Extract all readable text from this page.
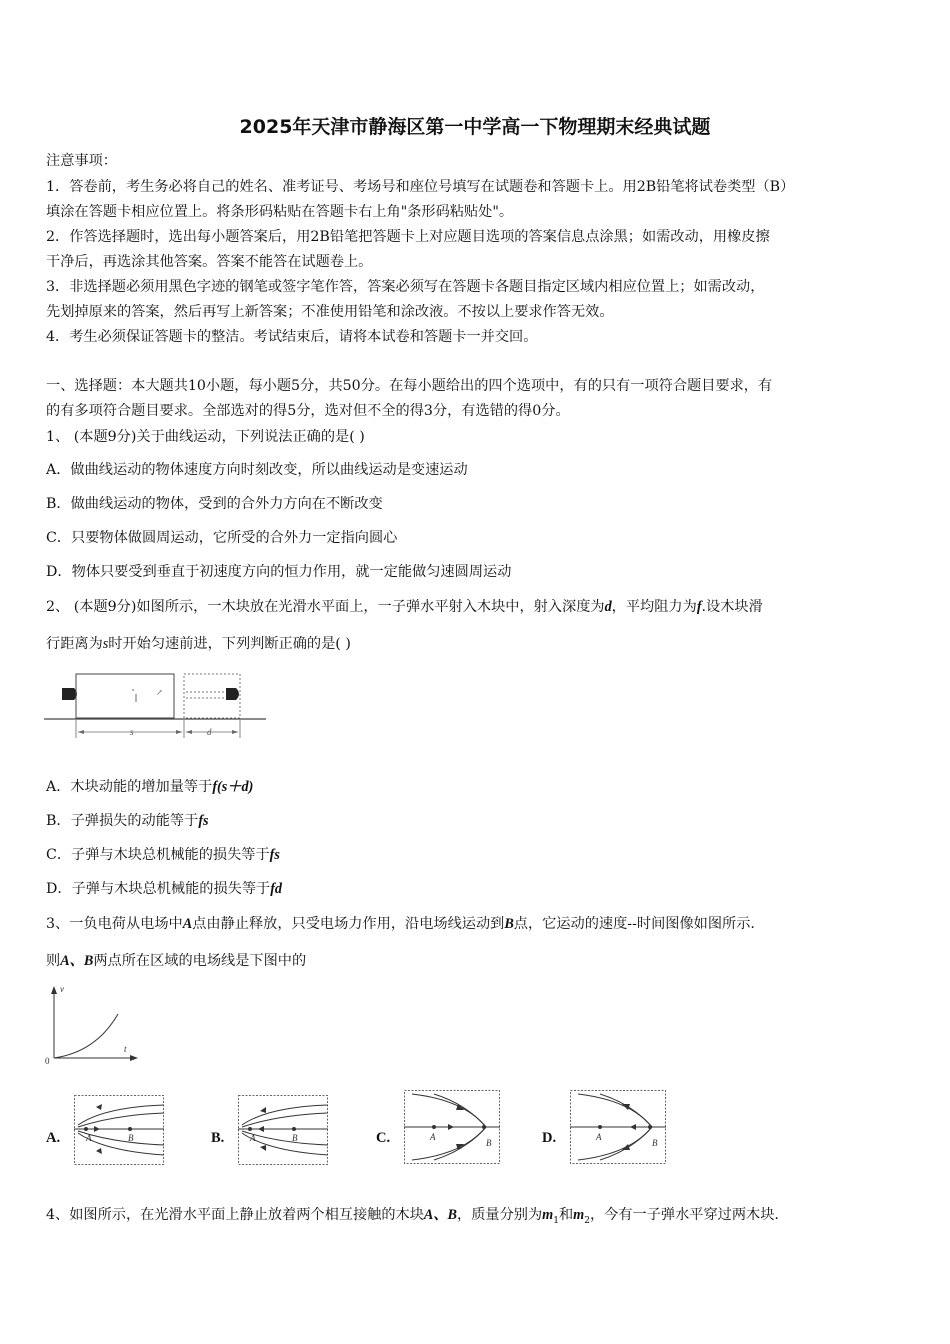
2025年天津市静海区第一中学高一下物理期末经典试题
注意事项：
1．答卷前，考生务必将自己的姓名、准考证号、考场号和座位号填写在试题卷和答题卡上。用2B铅笔将试卷类型（B）
填涂在答题卡相应位置上。将条形码粘贴在答题卡右上角"条形码粘贴处"。
2．作答选择题时，选出每小题答案后，用2B铅笔把答题卡上对应题目选项的答案信息点涂黑；如需改动，用橡皮擦
干净后，再选涂其他答案。答案不能答在试题卷上。
3．非选择题必须用黑色字迹的钢笔或签字笔作答，答案必须写在答题卡各题目指定区域内相应位置上；如需改动，
先划掉原来的答案，然后再写上新答案；不准使用铅笔和涂改液。不按以上要求作答无效。
4．考生必须保证答题卡的整洁。考试结束后，请将本试卷和答题卡一并交回。
一、选择题：本大题共10小题，每小题5分，共50分。在每小题给出的四个选项中，有的只有一项符合题目要求，有
的有多项符合题目要求。全部选对的得5分，选对但不全的得3分，有选错的得0分。
1、 (本题9分)关于曲线运动，下列说法正确的是( )
A．做曲线运动的物体速度方向时刻改变，所以曲线运动是变速运动
B．做曲线运动的物体，受到的合外力方向在不断改变
C．只要物体做圆周运动，它所受的合外力一定指向圆心
D．物体只要受到垂直于初速度方向的恒力作用，就一定能做匀速圆周运动
2、 (本题9分)如图所示，一木块放在光滑水平面上，一子弹水平射入木块中，射入深度为d，平均阻力为f.设木块滑
行距离为s时开始匀速前进，下列判断正确的是( )
↗
s	d
A．木块动能的增加量等于f(s＋d)
B．子弹损失的动能等于fs
C．子弹与木块总机械能的损失等于fs
D．子弹与木块总机械能的损失等于fd
3、一负电荷从电场中A点由静止释放，只受电场力作用，沿电场线运动到B点，它运动的速度--时间图像如图所示.
则A、B两点所在区域的电场线是下图中的
v
t
0
A.	A	B	B.	A	B	C.	A
B	D.	A
B
4、如图所示，在光滑水平面上静止放着两个相互接触的木块A、B，质量分别为$m_1$和$m_2$，今有一子弹水平穿过两木块.
